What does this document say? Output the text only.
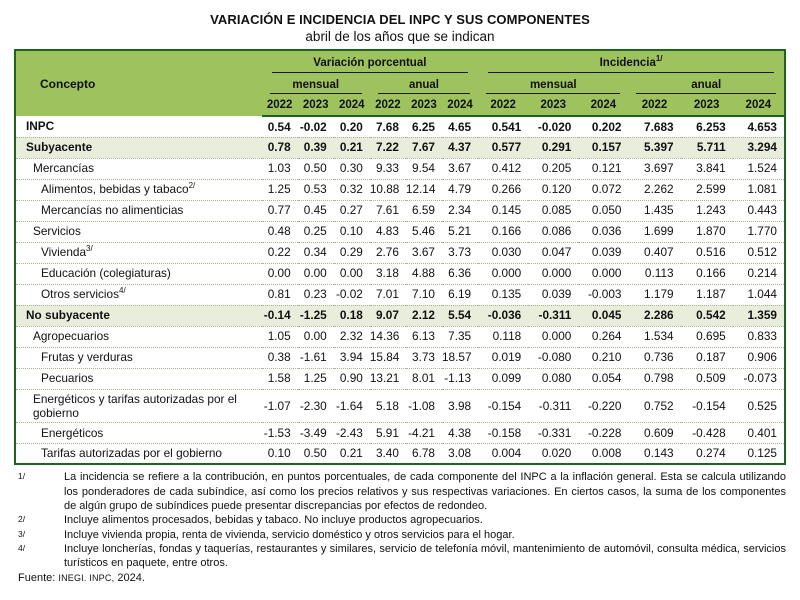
VARIACIÓN E INCIDENCIA DEL INPC Y SUS COMPONENTES
abril de los años que se indican
Concepto	Variación porcentual						Incidencia$^{1/}$
	mensual			anual			mensual			anual		
	2022	2023	2024	2022	2023	2024	2022	2023	2024	2022	2023	2024
INPC	0.54	-0.02	0.20	7.68	6.25	4.65	0.541	-0.020	0.202	7.683	6.253	4.653
Subyacente	0.78	0.39	0.21	7.22	7.67	4.37	0.577	0.291	0.157	5.397	5.711	3.294
Mercancías	1.03	0.50	0.30	9.33	9.54	3.67	0.412	0.205	0.121	3.697	3.841	1.524
Alimentos, bebidas y tabaco$^{2/}$	1.25	0.53	0.32	10.88	12.14	4.79	0.266	0.120	0.072	2.262	2.599	1.081
Mercancías no alimenticias	0.77	0.45	0.27	7.61	6.59	2.34	0.145	0.085	0.050	1.435	1.243	0.443
Servicios	0.48	0.25	0.10	4.83	5.46	5.21	0.166	0.086	0.036	1.699	1.870	1.770
Vivienda$^{3/}$	0.22	0.34	0.29	2.76	3.67	3.73	0.030	0.047	0.039	0.407	0.516	0.512
Educación (colegiaturas)	0.00	0.00	0.00	3.18	4.88	6.36	0.000	0.000	0.000	0.113	0.166	0.214
Otros servicios$^{4/}$	0.81	0.23	-0.02	7.01	7.10	6.19	0.135	0.039	-0.003	1.179	1.187	1.044
No subyacente	-0.14	-1.25	0.18	9.07	2.12	5.54	-0.036	-0.311	0.045	2.286	0.542	1.359
Agropecuarios	1.05	0.00	2.32	14.36	6.13	7.35	0.118	0.000	0.264	1.534	0.695	0.833
Frutas y verduras	0.38	-1.61	3.94	15.84	3.73	18.57	0.019	-0.080	0.210	0.736	0.187	0.906
Pecuarios	1.58	1.25	0.90	13.21	8.01	-1.13	0.099	0.080	0.054	0.798	0.509	-0.073
Energéticos y tarifas autorizadas por el gobierno	-1.07	-2.30	-1.64	5.18	-1.08	3.98	-0.154	-0.311	-0.220	0.752	-0.154	0.525
Energéticos	-1.53	-3.49	-2.43	5.91	-4.21	4.38	-0.158	-0.331	-0.228	0.609	-0.428	0.401
Tarifas autorizadas por el gobierno	0.10	0.50	0.21	3.40	6.78	3.08	0.004	0.020	0.008	0.143	0.274	0.125
1/	La incidencia se refiere a la contribución, en puntos porcentuales, de cada componente del INPC a la inflación general. Esta se calcula utilizando los ponderadores de cada subíndice, así como los precios relativos y sus respectivas variaciones. En ciertos casos, la suma de los componentes de algún grupo de subíndices puede presentar discrepancias por efectos de redondeo.
2/	Incluye alimentos procesados, bebidas y tabaco. No incluye productos agropecuarios.
3/	Incluye vivienda propia, renta de vivienda, servicio doméstico y otros servicios para el hogar.
4/	Incluye loncherías, fondas y taquerías, restaurantes y similares, servicio de telefonía móvil, mantenimiento de automóvil, consulta médica, servicios turísticos en paquete, entre otros.
Fuente: INEGI. INPC, 2024.
